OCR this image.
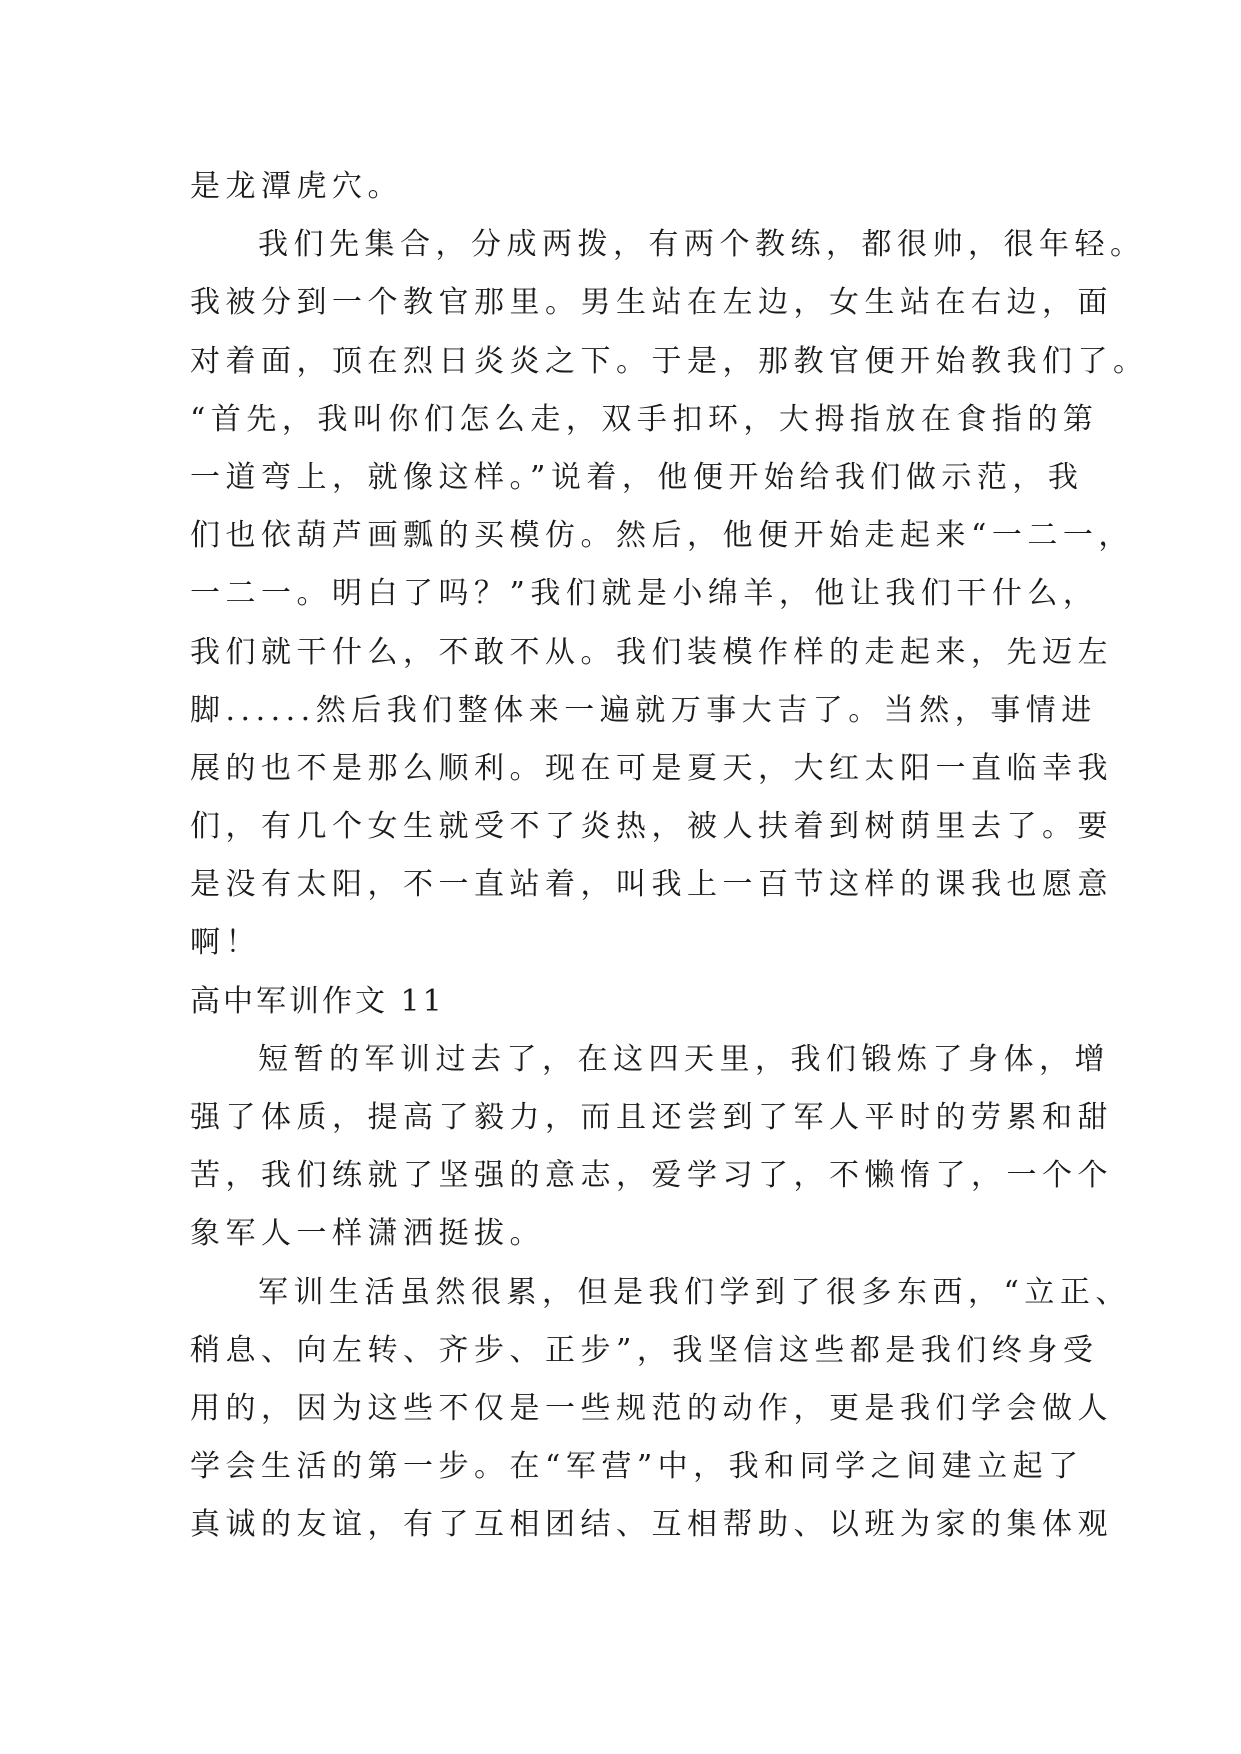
是龙潭虎穴。
我们先集合，分成两拨，有两个教练，都很帅，很年轻。
我被分到一个教官那里。男生站在左边，女生站在右边，面
对着面，顶在烈日炎炎之下。于是，那教官便开始教我们了。
“首先，我叫你们怎么走，双手扣环，大拇指放在食指的第
一道弯上，就像这样。”说着，他便开始给我们做示范，我
们也依葫芦画瓢的买模仿。然后，他便开始走起来“一二一，
一二一。明白了吗？”我们就是小绵羊，他让我们干什么，
我们就干什么，不敢不从。我们装模作样的走起来，先迈左
脚......然后我们整体来一遍就万事大吉了。当然，事情进
展的也不是那么顺利。现在可是夏天，大红太阳一直临幸我
们，有几个女生就受不了炎热，被人扶着到树荫里去了。要
是没有太阳，不一直站着，叫我上一百节这样的课我也愿意
啊！
高中军训作文 11
短暂的军训过去了，在这四天里，我们锻炼了身体，增
强了体质，提高了毅力，而且还尝到了军人平时的劳累和甜
苦，我们练就了坚强的意志，爱学习了，不懒惰了，一个个
象军人一样潇洒挺拔。
军训生活虽然很累，但是我们学到了很多东西，“立正、
稍息、向左转、齐步、正步”，我坚信这些都是我们终身受
用的，因为这些不仅是一些规范的动作，更是我们学会做人
学会生活的第一步。在“军营”中，我和同学之间建立起了
真诚的友谊，有了互相团结、互相帮助、以班为家的集体观
